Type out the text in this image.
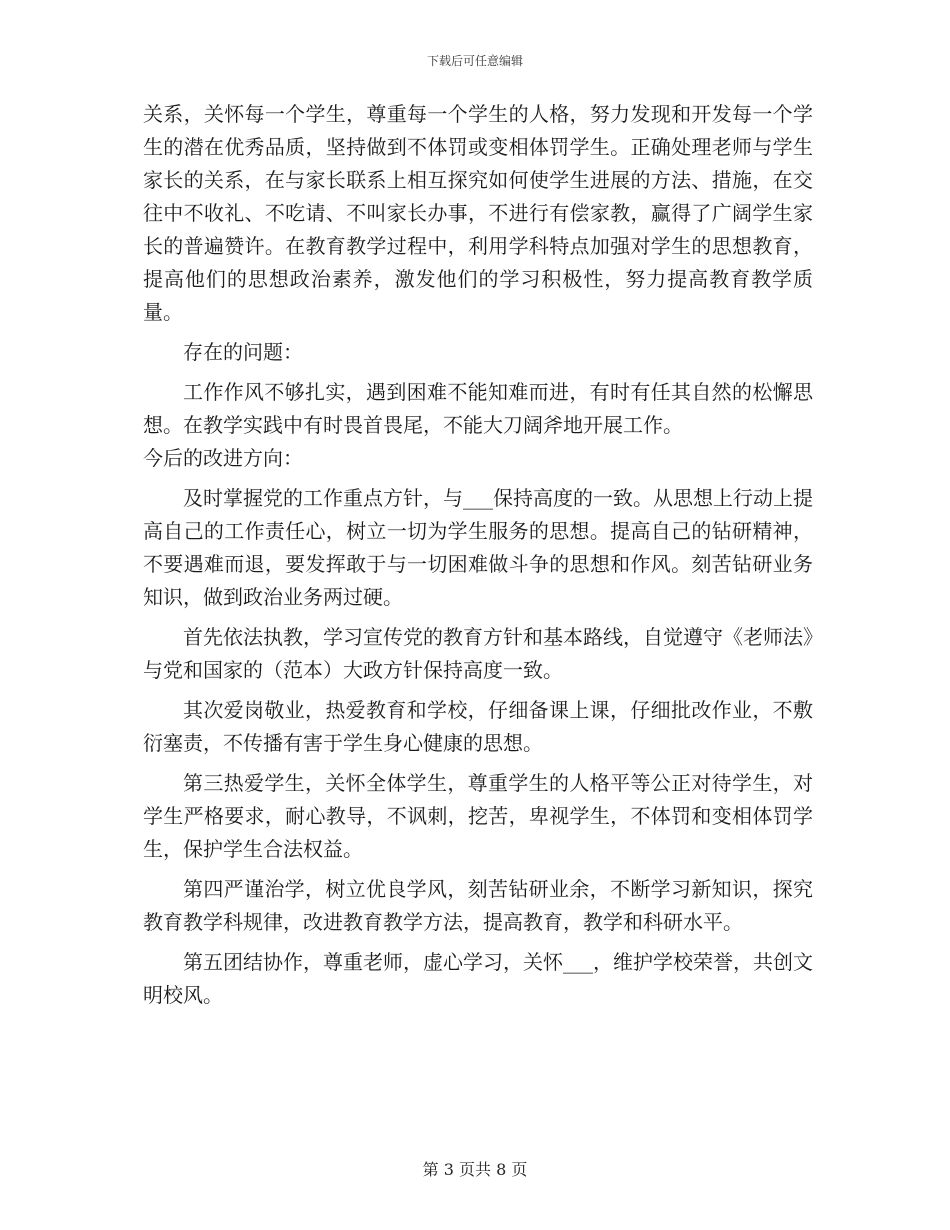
下载后可任意编辑

关系，关怀每一个学生，尊重每一个学生的人格，努力发现和开发每一个学生的潜在优秀品质，坚持做到不体罚或变相体罚学生。正确处理老师与学生家长的关系，在与家长联系上相互探究如何使学生进展的方法、措施，在交往中不收礼、不吃请、不叫家长办事，不进行有偿家教，赢得了广阔学生家长的普遍赞许。在教育教学过程中，利用学科特点加强对学生的思想教育，提高他们的思想政治素养，激发他们的学习积极性，努力提高教育教学质量。

存在的问题：

工作作风不够扎实，遇到困难不能知难而进，有时有任其自然的松懈思想。在教学实践中有时畏首畏尾，不能大刀阔斧地开展工作。

今后的改进方向：

及时掌握党的工作重点方针，与___保持高度的一致。从思想上行动上提高自己的工作责任心，树立一切为学生服务的思想。提高自己的钻研精神，不要遇难而退，要发挥敢于与一切困难做斗争的思想和作风。刻苦钻研业务知识，做到政治业务两过硬。

首先依法执教，学习宣传党的教育方针和基本路线，自觉遵守《老师法》与党和国家的（范本）大政方针保持高度一致。

其次爱岗敬业，热爱教育和学校，仔细备课上课，仔细批改作业，不敷衍塞责，不传播有害于学生身心健康的思想。

第三热爱学生，关怀全体学生，尊重学生的人格平等公正对待学生，对学生严格要求，耐心教导，不讽刺，挖苦，卑视学生，不体罚和变相体罚学生，保护学生合法权益。

第四严谨治学，树立优良学风，刻苦钻研业余，不断学习新知识，探究教育教学科规律，改进教育教学方法，提高教育，教学和科研水平。

第五团结协作，尊重老师，虚心学习，关怀___，维护学校荣誉，共创文明校风。

第 3 页共 8 页
